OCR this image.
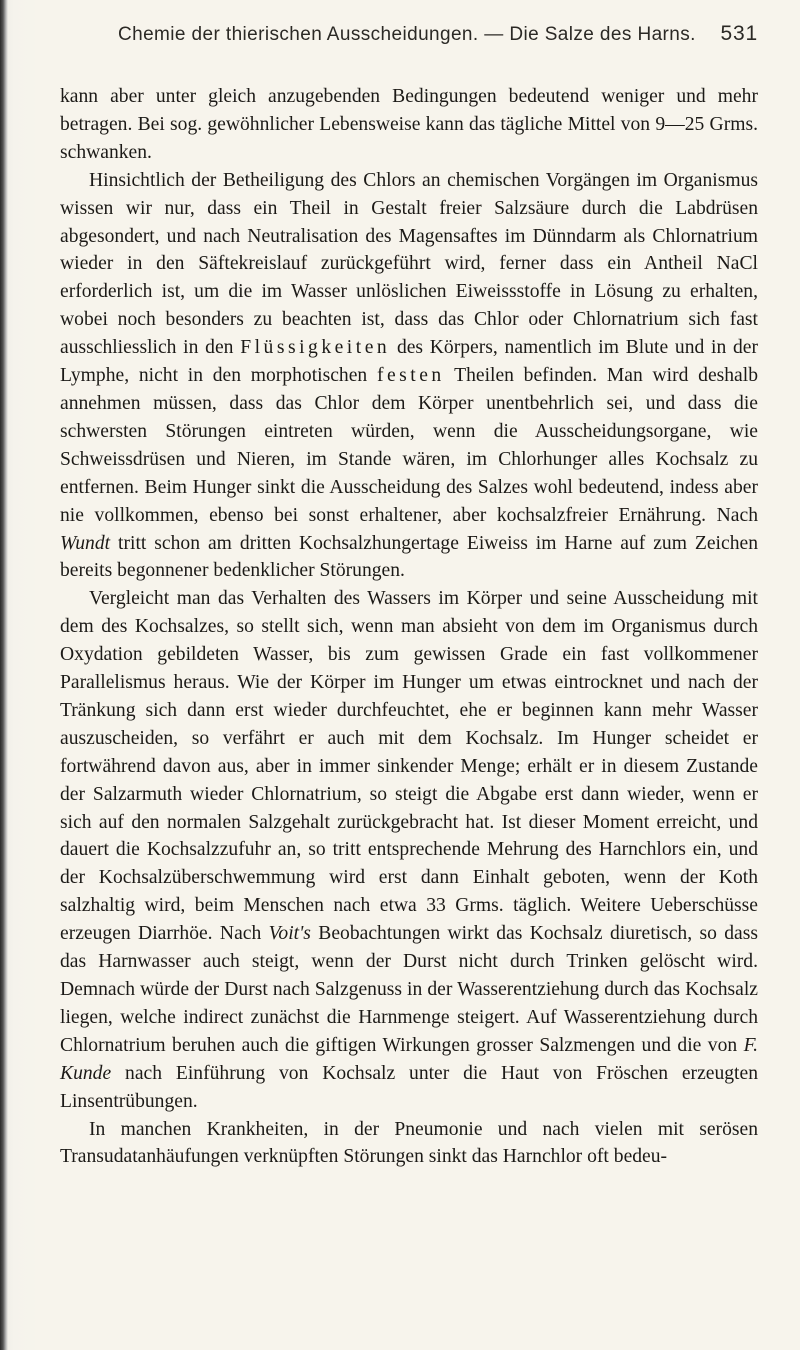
Chemie der thierischen Ausscheidungen. — Die Salze des Harns. 531

kann aber unter gleich anzugebenden Bedingungen bedeutend weniger und mehr betragen. Bei sog. gewöhnlicher Lebensweise kann das tägliche Mittel von 9—25 Grms. schwanken.

Hinsichtlich der Betheiligung des Chlors an chemischen Vorgängen im Organismus wissen wir nur, dass ein Theil in Gestalt freier Salzsäure durch die Labdrüsen abgesondert, und nach Neutralisation des Magensaftes im Dünndarm als Chlornatrium wieder in den Säftekreislauf zurückgeführt wird, ferner dass ein Antheil NaCl erforderlich ist, um die im Wasser unlöslichen Eiweissstoffe in Lösung zu erhalten, wobei noch besonders zu beachten ist, dass das Chlor oder Chlornatrium sich fast ausschliesslich in den Flüssigkeiten des Körpers, namentlich im Blute und in der Lymphe, nicht in den morphotischen festen Theilen befinden. Man wird deshalb annehmen müssen, dass das Chlor dem Körper unentbehrlich sei, und dass die schwersten Störungen eintreten würden, wenn die Ausscheidungsorgane, wie Schweissdrüsen und Nieren, im Stande wären, im Chlorhunger alles Kochsalz zu entfernen. Beim Hunger sinkt die Ausscheidung des Salzes wohl bedeutend, indess aber nie vollkommen, ebenso bei sonst erhaltener, aber kochsalzfreier Ernährung. Nach Wundt tritt schon am dritten Kochsalzhungertage Eiweiss im Harne auf zum Zeichen bereits begonnener bedenklicher Störungen.

Vergleicht man das Verhalten des Wassers im Körper und seine Ausscheidung mit dem des Kochsalzes, so stellt sich, wenn man absieht von dem im Organismus durch Oxydation gebildeten Wasser, bis zum gewissen Grade ein fast vollkommener Parallelismus heraus. Wie der Körper im Hunger um etwas eintrocknet und nach der Tränkung sich dann erst wieder durchfeuchtet, ehe er beginnen kann mehr Wasser auszuscheiden, so verfährt er auch mit dem Kochsalz. Im Hunger scheidet er fortwährend davon aus, aber in immer sinkender Menge; erhält er in diesem Zustande der Salzarmuth wieder Chlornatrium, so steigt die Abgabe erst dann wieder, wenn er sich auf den normalen Salzgehalt zurückgebracht hat. Ist dieser Moment erreicht, und dauert die Kochsalzzufuhr an, so tritt entsprechende Mehrung des Harnchlors ein, und der Kochsalzüberschwemmung wird erst dann Einhalt geboten, wenn der Koth salzhaltig wird, beim Menschen nach etwa 33 Grms. täglich. Weitere Ueberschüsse erzeugen Diarrhöe. Nach Voit's Beobachtungen wirkt das Kochsalz diuretisch, so dass das Harnwasser auch steigt, wenn der Durst nicht durch Trinken gelöscht wird. Demnach würde der Durst nach Salzgenuss in der Wasserentziehung durch das Kochsalz liegen, welche indirect zunächst die Harnmenge steigert. Auf Wasserentziehung durch Chlornatrium beruhen auch die giftigen Wirkungen grosser Salzmengen und die von F. Kunde nach Einführung von Kochsalz unter die Haut von Fröschen erzeugten Linsentrübungen.

In manchen Krankheiten, in der Pneumonie und nach vielen mit serösen Transudatanhäufungen verknüpften Störungen sinkt das Harnchlor oft bedeu-
